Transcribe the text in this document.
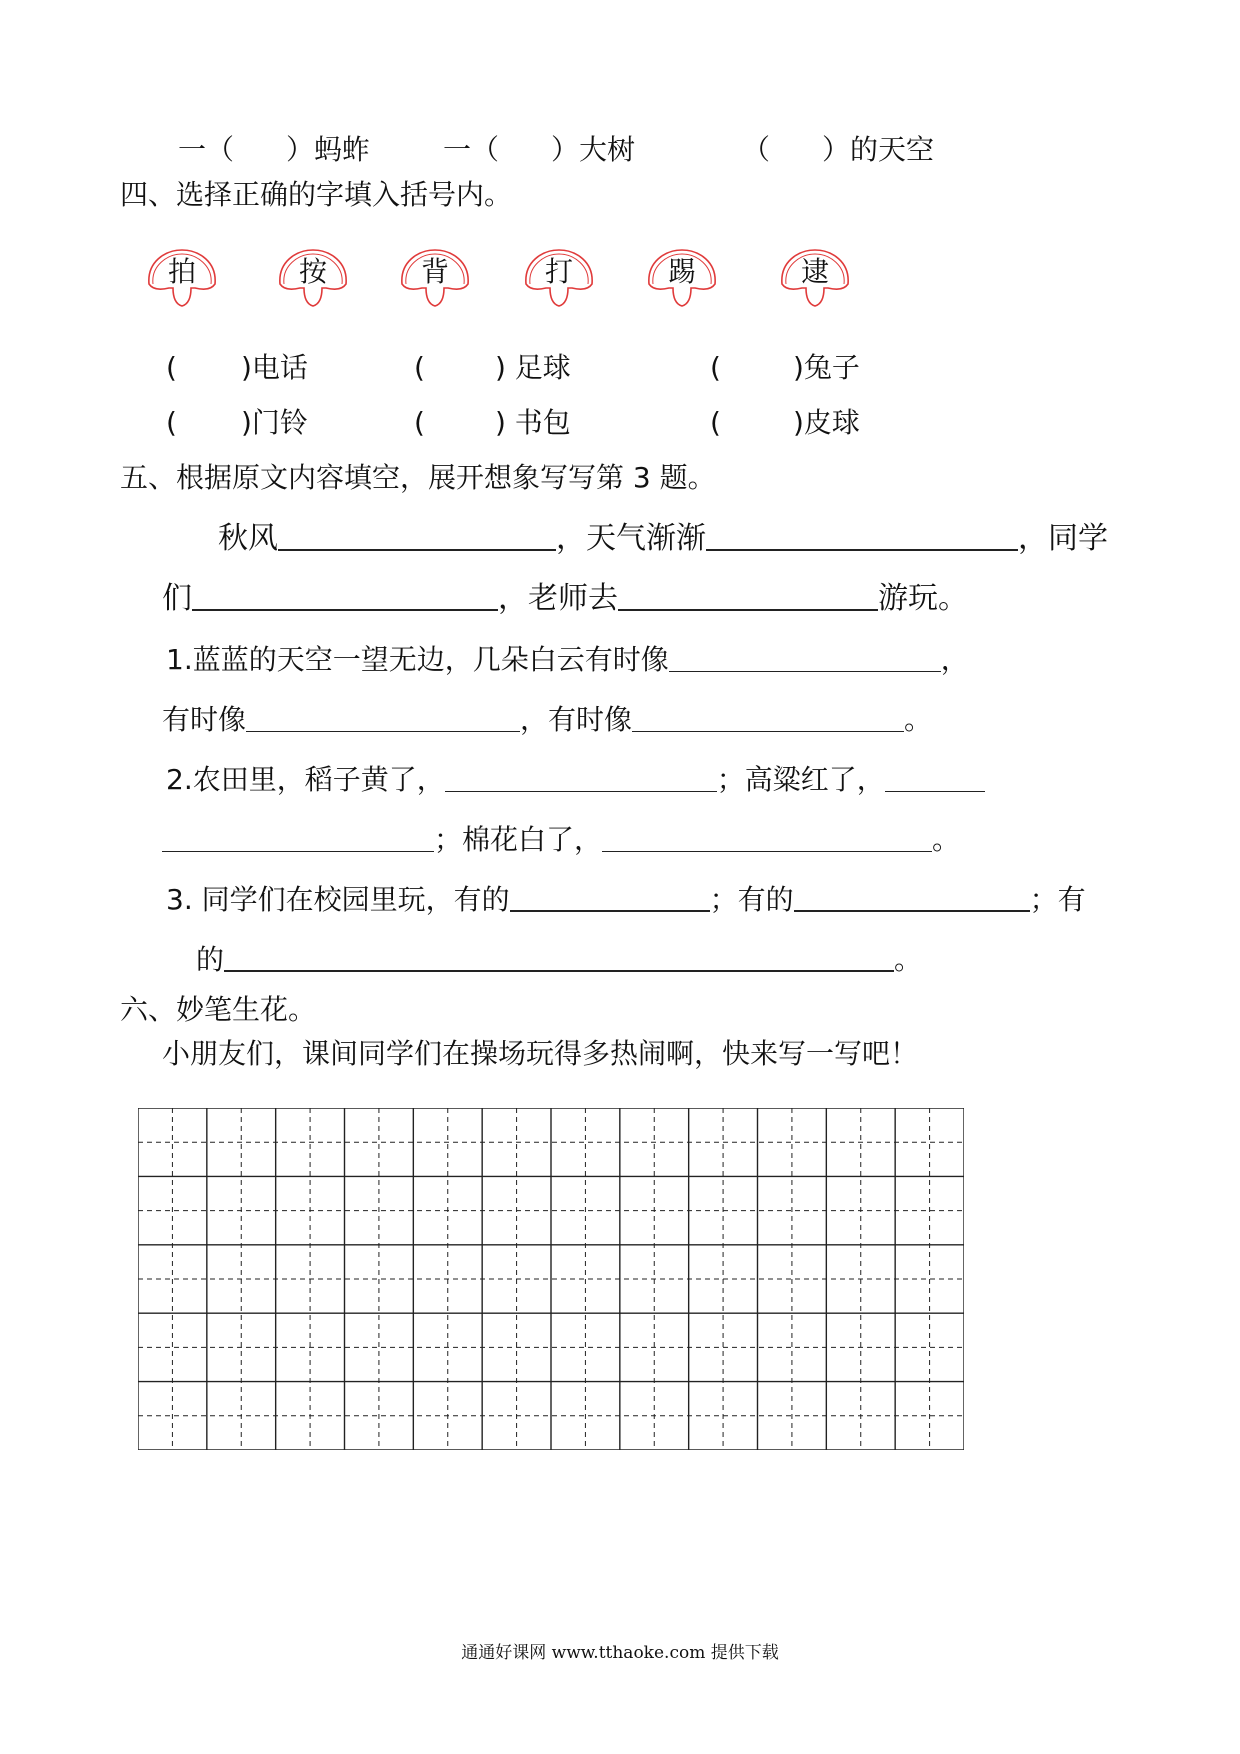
一（ ）蚂蚱	一（ ）大树	（ ）的天空
四、选择正确的字填入括号内。
拍	按	背	打	踢	逮
( )电话	(	) 足球	(	)兔子
( )门铃	(	) 书包	(	)皮球
五、根据原文内容填空，展开想象写写第 3 题。
秋风	，天气渐渐	，同学
们	，老师去	游玩。
1.蓝蓝的天空一望无边，几朵白云有时像	，
有时像	，有时像	。
2.农田里，稻子黄了，	；高粱红了，
；棉花白了，	。
3. 同学们在校园里玩，有的	；有的	；有
的	。
六、妙笔生花。
小朋友们，课间同学们在操场玩得多热闹啊，快来写一写吧！
通通好课网 www.tthaoke.com 提供下载
